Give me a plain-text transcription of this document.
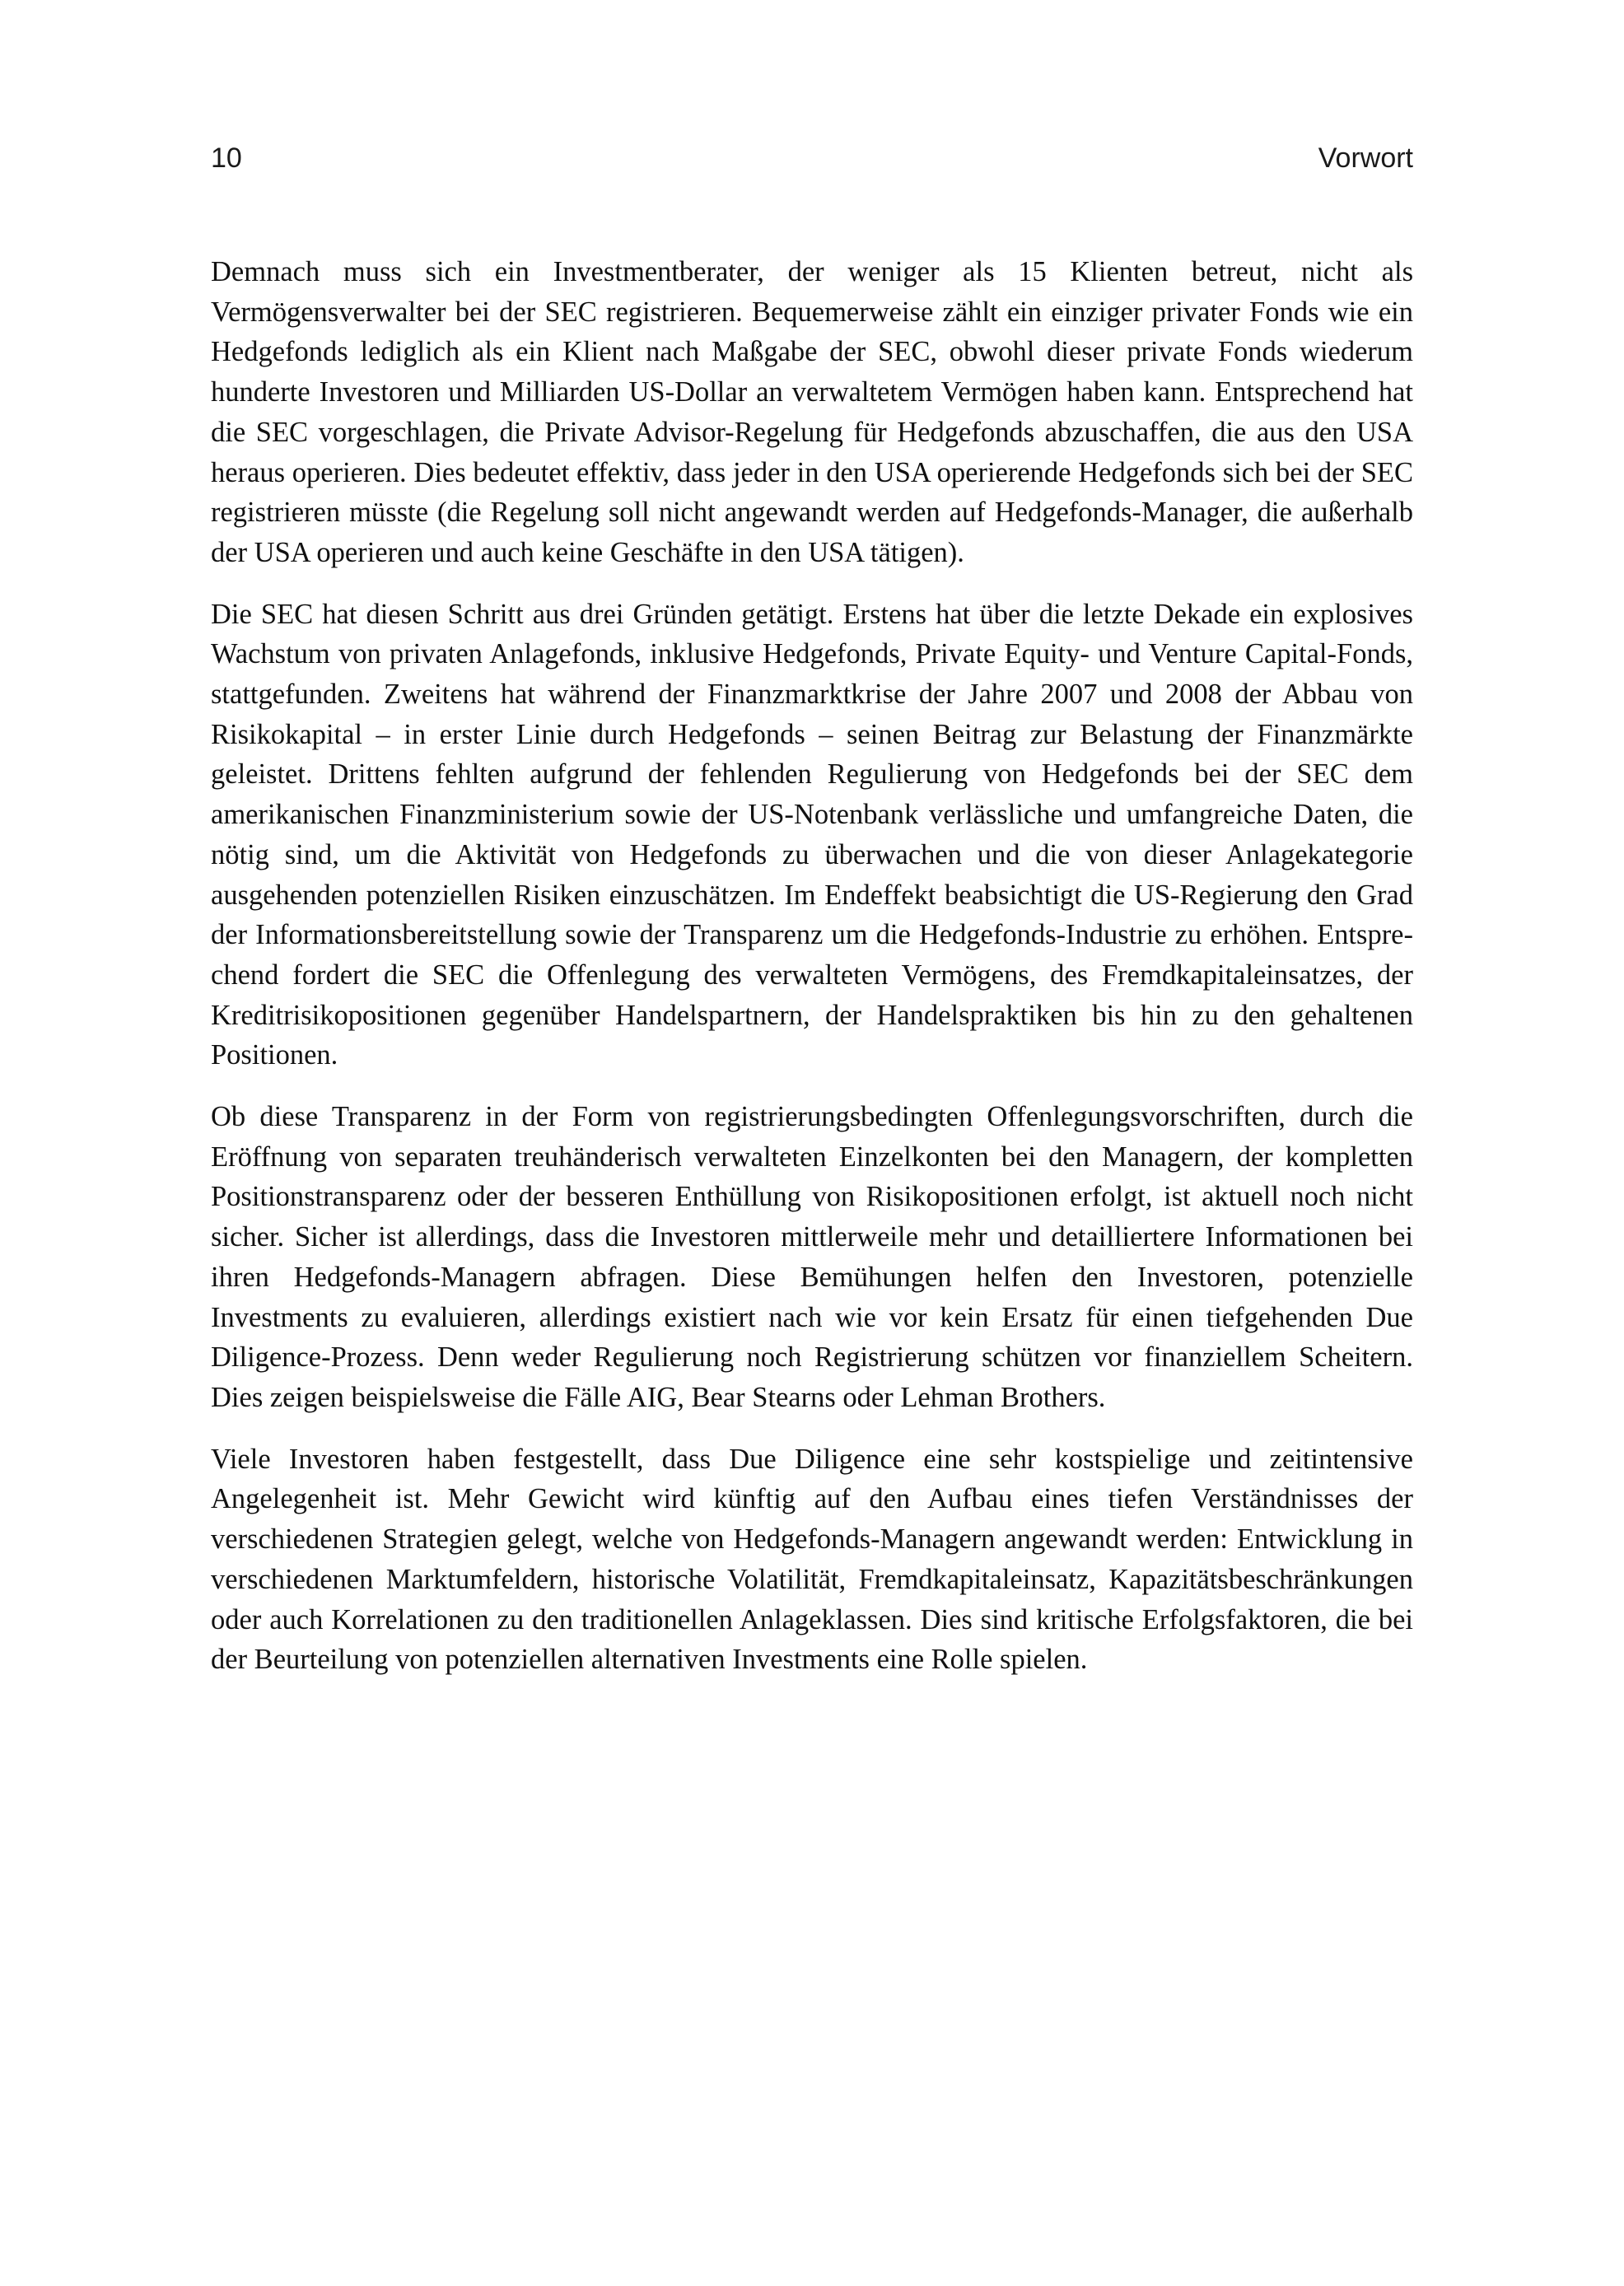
10	Vorwort

Demnach muss sich ein Investmentberater, der weniger als 15 Klienten betreut, nicht als Vermögensverwalter bei der SEC registrieren. Bequemerweise zählt ein einziger privater Fonds wie ein Hedgefonds lediglich als ein Klient nach Maßgabe der SEC, obwohl dieser private Fonds wiederum hunderte Investoren und Milliarden US-Dollar an verwaltetem Vermögen haben kann. Entsprechend hat die SEC vorgeschlagen, die Private Advisor-Regelung für Hedgefonds abzuschaffen, die aus den USA heraus operieren. Dies bedeutet effektiv, dass jeder in den USA operierende Hedgefonds sich bei der SEC registrieren müsste (die Regelung soll nicht angewandt werden auf Hedgefonds-Manager, die außerhalb der USA operieren und auch keine Geschäfte in den USA tätigen).

Die SEC hat diesen Schritt aus drei Gründen getätigt. Erstens hat über die letzte Dekade ein explosives Wachstum von privaten Anlagefonds, inklusive Hedgefonds, Private Equity- und Venture Capital-Fonds, stattgefunden. Zweitens hat während der Finanzmarktkrise der Jahre 2007 und 2008 der Abbau von Risikokapital – in erster Linie durch Hedgefonds – seinen Beitrag zur Belastung der Finanzmärkte geleistet. Drittens fehlten aufgrund der fehlenden Regulierung von Hedgefonds bei der SEC dem amerikanischen Finanzministerium sowie der US-Notenbank verlässliche und umfangreiche Daten, die nötig sind, um die Aktivität von Hedgefonds zu überwachen und die von dieser Anlagekategorie ausgehenden potenziellen Risiken einzuschätzen. Im Endeffekt beabsichtigt die US-Regierung den Grad der Informationsbereitstellung sowie der Transparenz um die Hedgefonds-Industrie zu erhöhen. Entsprechend fordert die SEC die Offenlegung des verwalteten Vermögens, des Fremdkapitaleinsatzes, der Kreditrisikopositionen gegenüber Handelspartnern, der Handelspraktiken bis hin zu den gehaltenen Positionen.

Ob diese Transparenz in der Form von registrierungsbedingten Offenlegungsvorschriften, durch die Eröffnung von separaten treuhänderisch verwalteten Einzelkonten bei den Managern, der kompletten Positionstransparenz oder der besseren Enthüllung von Risikopositionen erfolgt, ist aktuell noch nicht sicher. Sicher ist allerdings, dass die Investoren mittlerweile mehr und detailliertere Informationen bei ihren Hedgefonds-Managern abfragen. Diese Bemühungen helfen den Investoren, potenzielle Investments zu evaluieren, allerdings existiert nach wie vor kein Ersatz für einen tiefgehenden Due Diligence-Prozess. Denn weder Regulierung noch Registrierung schützen vor finanziellem Scheitern. Dies zeigen beispielsweise die Fälle AIG, Bear Stearns oder Lehman Brothers.

Viele Investoren haben festgestellt, dass Due Diligence eine sehr kostspielige und zeitintensive Angelegenheit ist. Mehr Gewicht wird künftig auf den Aufbau eines tiefen Verständnisses der verschiedenen Strategien gelegt, welche von Hedgefonds-Managern angewandt werden: Entwicklung in verschiedenen Marktumfeldern, historische Volatilität, Fremdkapitaleinsatz, Kapazitätsbeschränkungen oder auch Korrelationen zu den traditionellen Anlageklassen. Dies sind kritische Erfolgsfaktoren, die bei der Beurteilung von potenziellen alternativen Investments eine Rolle spielen.
